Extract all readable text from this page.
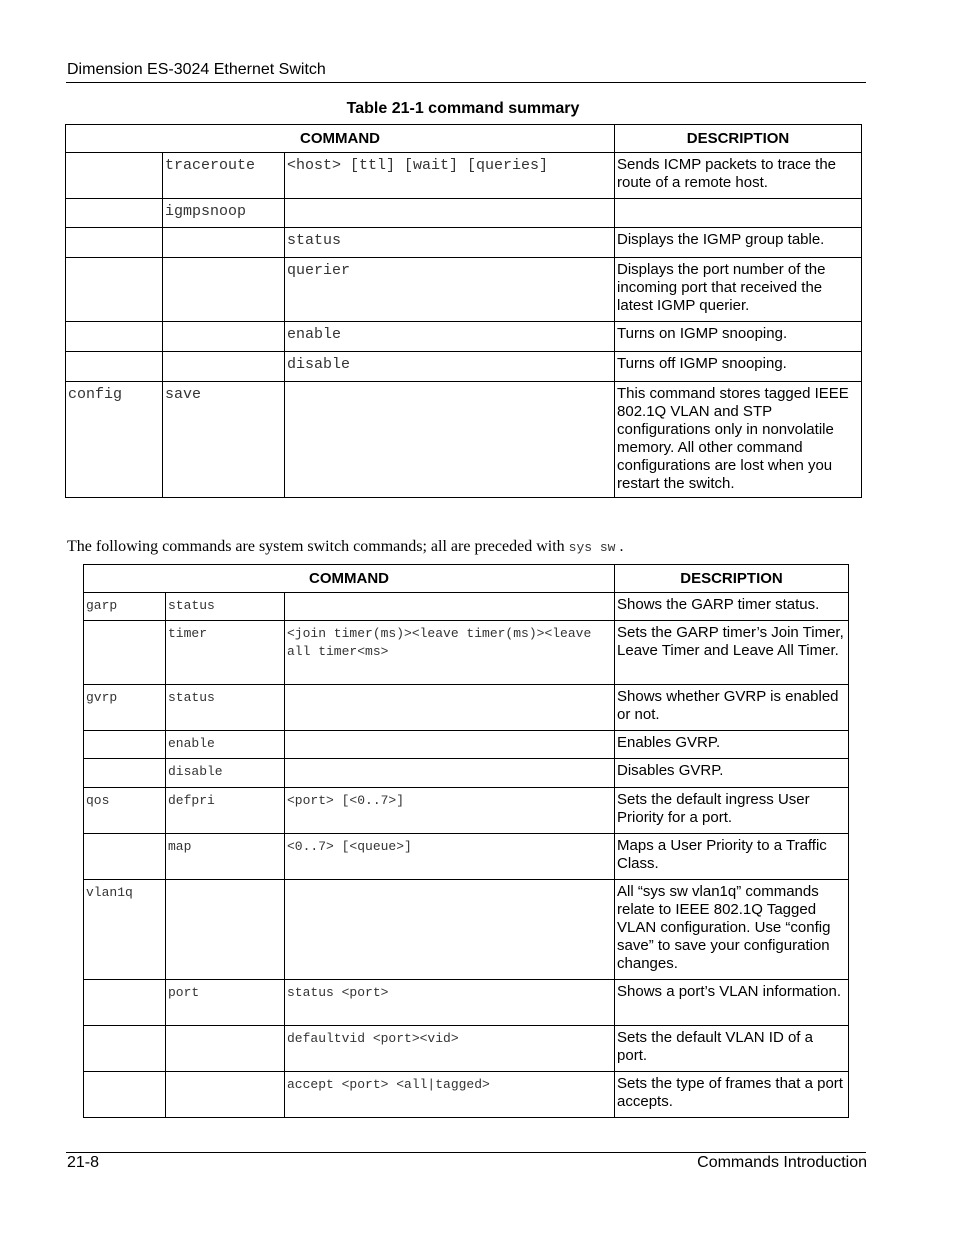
Dimension ES-3024 Ethernet Switch
Table 21-1 command summary
COMMAND			DESCRIPTION
	traceroute	<host> [ttl] [wait] [queries]	Sends ICMP packets to trace the route of a remote host.
	igmpsnoop		
		status	Displays the IGMP group table.
		querier	Displays the port number of the incoming port that received the latest IGMP querier.
		enable	Turns on IGMP snooping.
		disable	Turns off IGMP snooping.
config	save		This command stores tagged IEEE 802.1Q VLAN and STP configurations only in nonvolatile memory. All other command configurations are lost when you restart the switch.
The following commands are system switch commands; all are preceded with sys sw .
COMMAND			DESCRIPTION
garp	status		Shows the GARP timer status.
	timer	<join timer(ms)><leave timer(ms)><leave all timer<ms>	Sets the GARP timer’s Join Timer, Leave Timer and Leave All Timer.
gvrp	status		Shows whether GVRP is enabled or not.
	enable		Enables GVRP.
	disable		Disables GVRP.
qos	defpri	<port> [<0..7>]	Sets the default ingress User Priority for a port.
	map	<0..7> [<queue>]	Maps a User Priority to a Traffic Class.
vlan1q			All “sys sw vlan1q” commands relate to IEEE 802.1Q Tagged VLAN configuration. Use “config save” to save your configuration changes.
	port	status <port>	Shows a port’s VLAN information.
		defaultvid <port><vid>	Sets the default VLAN ID of a port.
		accept <port> <all|tagged>	Sets the type of frames that a port accepts.
21-8	Commands Introduction
